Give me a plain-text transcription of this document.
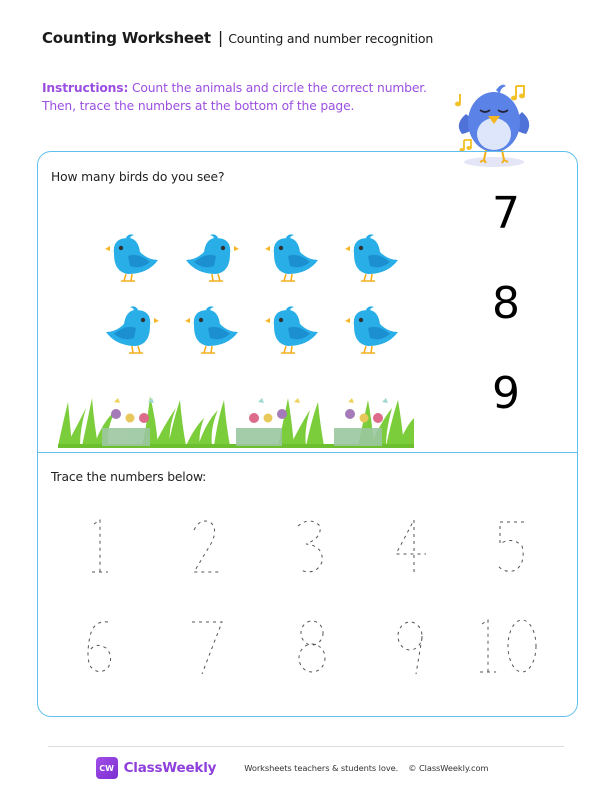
Counting Worksheet | Counting and number recognition
Instructions: Count the animals and circle the correct number. Then, trace the numbers at the bottom of the page.
How many birds do you see?
7
8
9
Trace the numbers below:
CW ClassWeekly	Worksheets teachers & students love. © ClassWeekly.com
